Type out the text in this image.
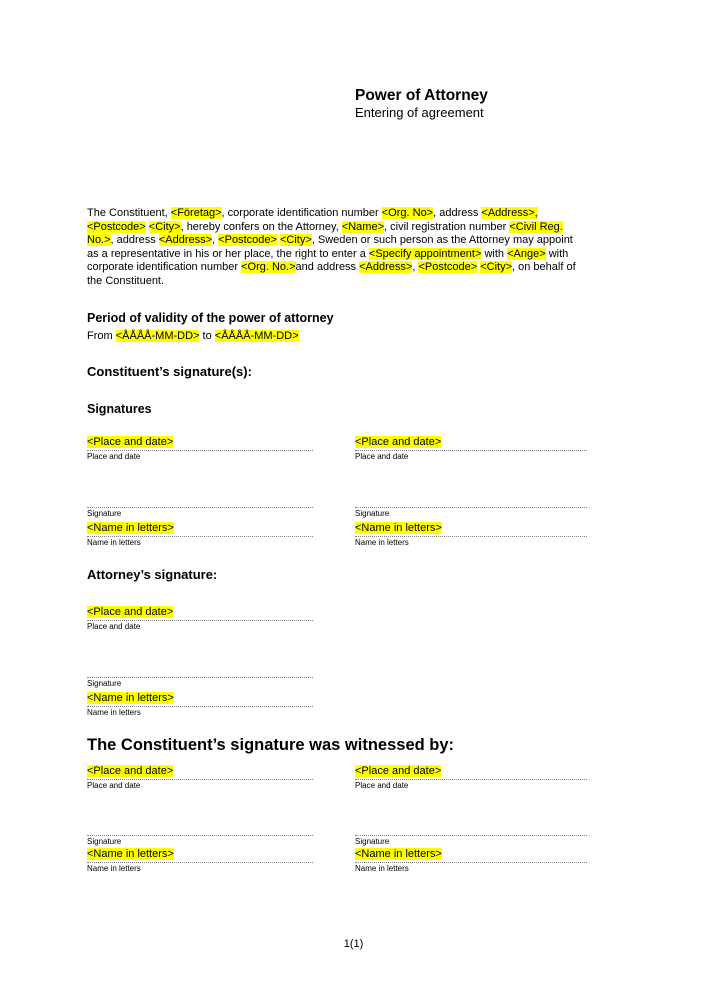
Power of Attorney
Entering of agreement
The Constituent, <Företag>, corporate identification number <Org. No>, address <Address>,
<Postcode> <City>, hereby confers on the Attorney, <Name>, civil registration number <Civil Reg.
No.>, address <Address>, <Postcode> <City>, Sweden or such person as the Attorney may appoint
as a representative in his or her place, the right to enter a <Specify appointment> with <Ange> with
corporate identification number <Org. No.>and address <Address>, <Postcode> <City>, on behalf of
the Constituent.
Period of validity of the power of attorney
From <ÅÅÅÅ-MM-DD> to <ÅÅÅÅ-MM-DD>
Constituent’s signature(s):
Signatures
<Place and date>
Place and date
<Place and date>
Place and date
Signature	Signature
<Name in letters>
Name in letters
<Name in letters>
Name in letters
Attorney’s signature:
<Place and date>
Place and date
Signature
<Name in letters>
Name in letters
The Constituent’s signature was witnessed by:
<Place and date>
Place and date
<Place and date>
Place and date
Signature	Signature
<Name in letters>
Name in letters
<Name in letters>
Name in letters
1(1)
